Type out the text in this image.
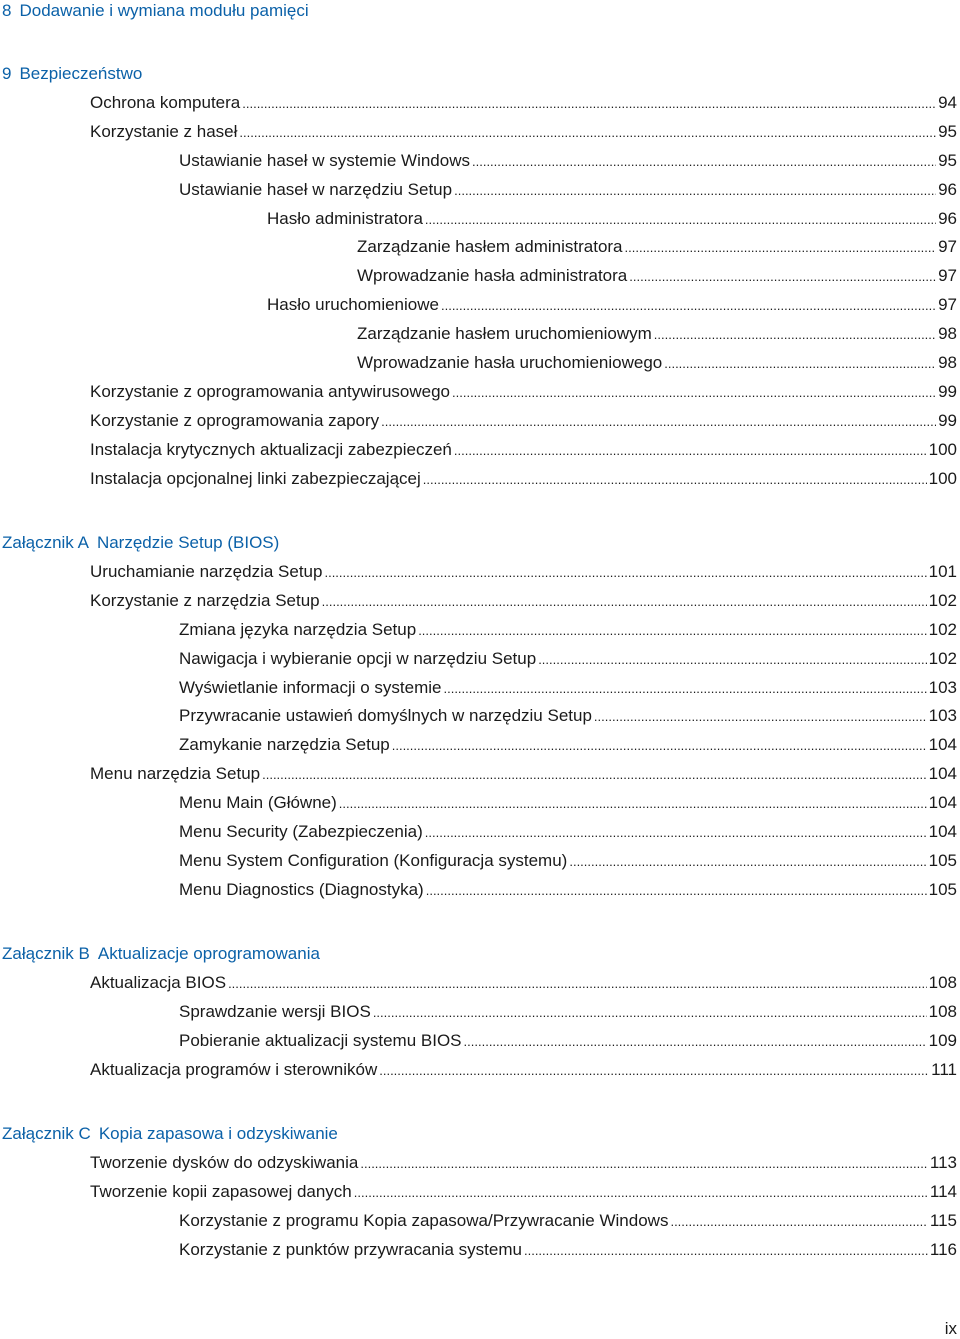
8 Dodawanie i wymiana modułu pamięci
9 Bezpieczeństwo
Ochrona komputera .....	94
Korzystanie z haseł .....	95
Ustawianie haseł w systemie Windows .....	95
Ustawianie haseł w narzędziu Setup .....	96
Hasło administratora .....	96
Zarządzanie hasłem administratora .....	97
Wprowadzanie hasła administratora .....	97
Hasło uruchomieniowe .....	97
Zarządzanie hasłem uruchomieniowym .....	98
Wprowadzanie hasła uruchomieniowego .....	98
Korzystanie z oprogramowania antywirusowego .....	99
Korzystanie z oprogramowania zapory .....	99
Instalacja krytycznych aktualizacji zabezpieczeń .....	100
Instalacja opcjonalnej linki zabezpieczającej .....	100
Załącznik A Narzędzie Setup (BIOS)
Uruchamianie narzędzia Setup .....	101
Korzystanie z narzędzia Setup .....	102
Zmiana języka narzędzia Setup .....	102
Nawigacja i wybieranie opcji w narzędziu Setup .....	102
Wyświetlanie informacji o systemie .....	103
Przywracanie ustawień domyślnych w narzędziu Setup .....	103
Zamykanie narzędzia Setup .....	104
Menu narzędzia Setup .....	104
Menu Main (Główne) .....	104
Menu Security (Zabezpieczenia) .....	104
Menu System Configuration (Konfiguracja systemu) .....	105
Menu Diagnostics (Diagnostyka) .....	105
Załącznik B Aktualizacje oprogramowania
Aktualizacja BIOS .....	108
Sprawdzanie wersji BIOS .....	108
Pobieranie aktualizacji systemu BIOS .....	109
Aktualizacja programów i sterowników .....	111
Załącznik C Kopia zapasowa i odzyskiwanie
Tworzenie dysków do odzyskiwania .....	113
Tworzenie kopii zapasowej danych .....	114
Korzystanie z programu Kopia zapasowa/Przywracanie Windows .....	115
Korzystanie z punktów przywracania systemu .....	116
ix
